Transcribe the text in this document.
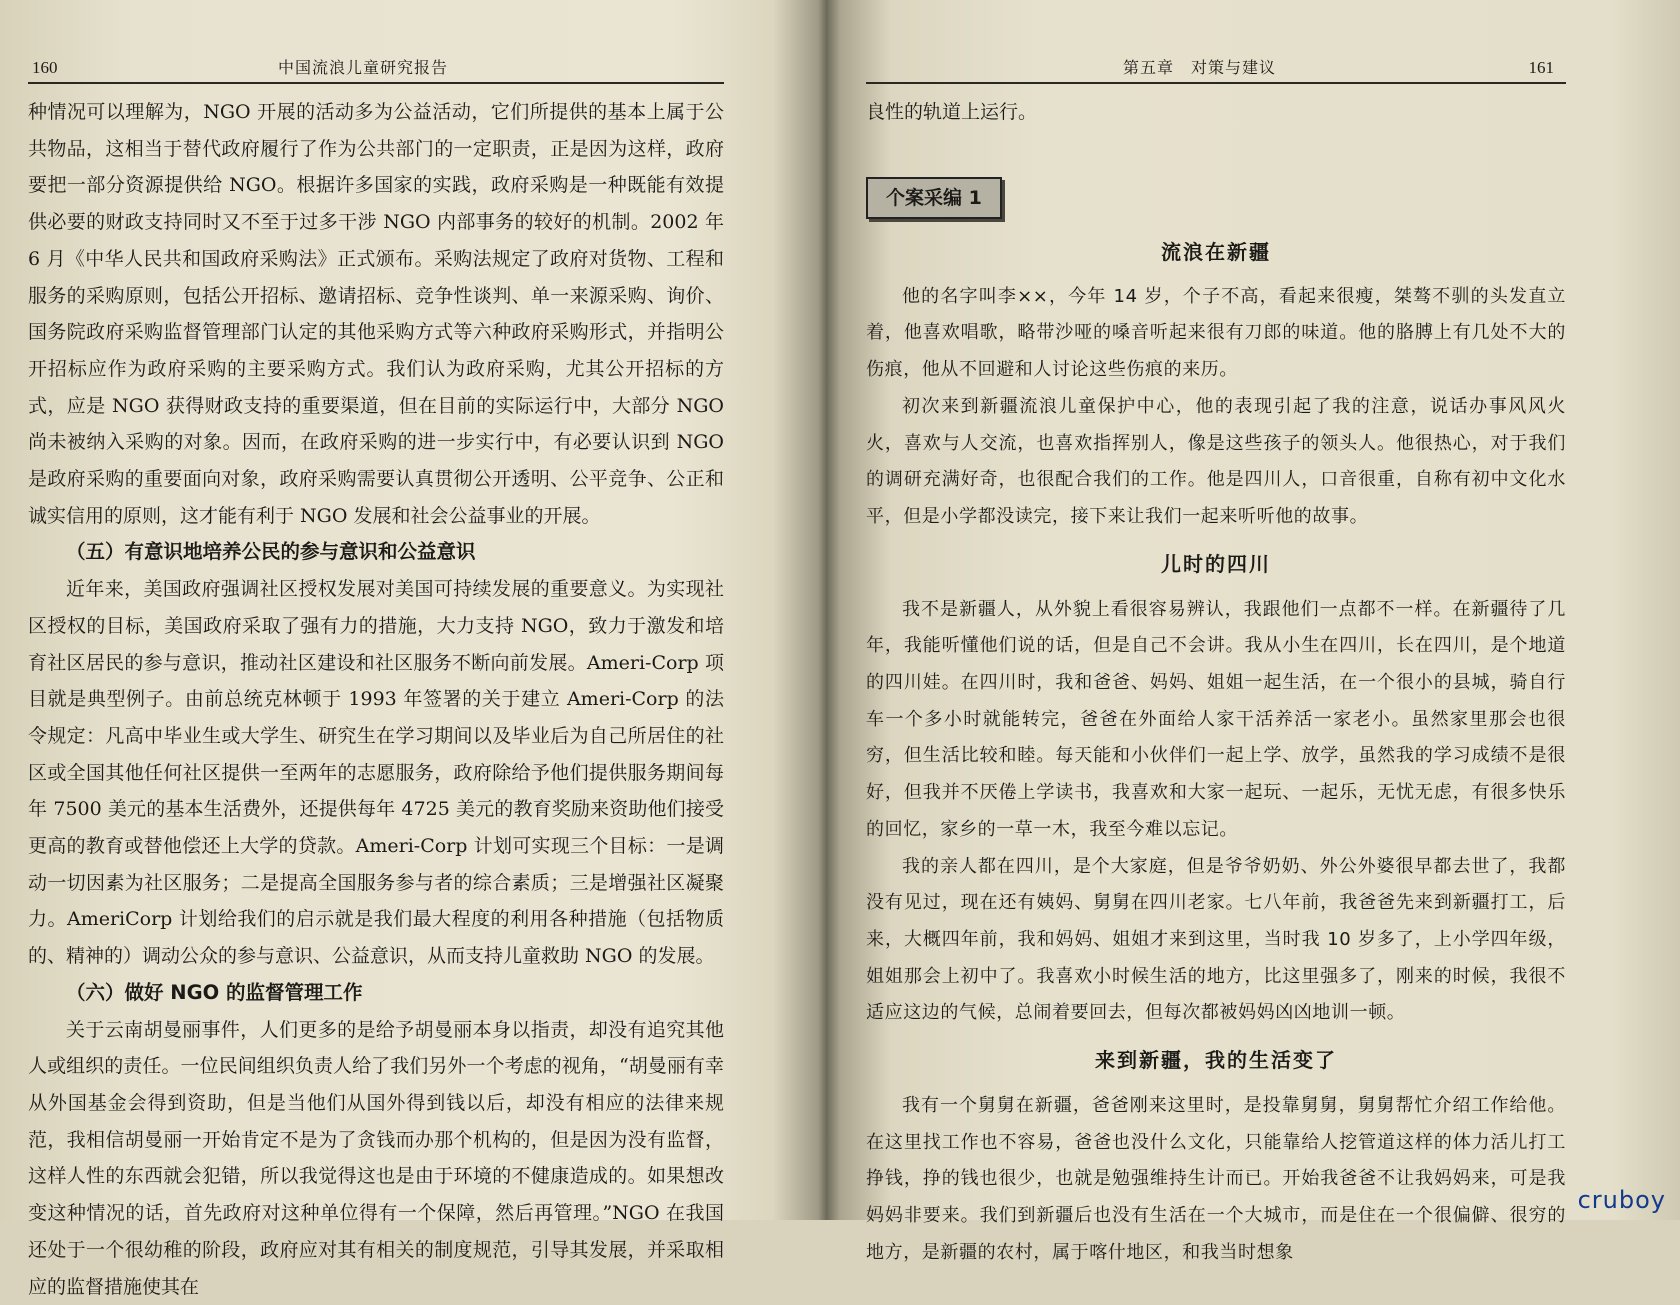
160	中国流浪儿童研究报告

种情况可以理解为，NGO 开展的活动多为公益活动，它们所提供的基本上属于公共物品，这相当于替代政府履行了作为公共部门的一定职责，正是因为这样，政府要把一部分资源提供给 NGO。根据许多国家的实践，政府采购是一种既能有效提供必要的财政支持同时又不至于过多干涉 NGO 内部事务的较好的机制。2002 年 6 月《中华人民共和国政府采购法》正式颁布。采购法规定了政府对货物、工程和服务的采购原则，包括公开招标、邀请招标、竞争性谈判、单一来源采购、询价、国务院政府采购监督管理部门认定的其他采购方式等六种政府采购形式，并指明公开招标应作为政府采购的主要采购方式。我们认为政府采购，尤其公开招标的方式，应是 NGO 获得财政支持的重要渠道，但在目前的实际运行中，大部分 NGO 尚未被纳入采购的对象。因而，在政府采购的进一步实行中，有必要认识到 NGO 是政府采购的重要面向对象，政府采购需要认真贯彻公开透明、公平竞争、公正和诚实信用的原则，这才能有利于 NGO 发展和社会公益事业的开展。

（五）有意识地培养公民的参与意识和公益意识

近年来，美国政府强调社区授权发展对美国可持续发展的重要意义。为实现社区授权的目标，美国政府采取了强有力的措施，大力支持 NGO，致力于激发和培育社区居民的参与意识，推动社区建设和社区服务不断向前发展。Ameri-Corp 项目就是典型例子。由前总统克林顿于 1993 年签署的关于建立 Ameri-Corp 的法令规定：凡高中毕业生或大学生、研究生在学习期间以及毕业后为自己所居住的社区或全国其他任何社区提供一至两年的志愿服务，政府除给予他们提供服务期间每年 7500 美元的基本生活费外，还提供每年 4725 美元的教育奖励来资助他们接受更高的教育或替他偿还上大学的贷款。Ameri-Corp 计划可实现三个目标：一是调动一切因素为社区服务；二是提高全国服务参与者的综合素质；三是增强社区凝聚力。AmeriCorp 计划给我们的启示就是我们最大程度的利用各种措施（包括物质的、精神的）调动公众的参与意识、公益意识，从而支持儿童救助 NGO 的发展。

（六）做好 NGO 的监督管理工作

关于云南胡曼丽事件，人们更多的是给予胡曼丽本身以指责，却没有追究其他人或组织的责任。一位民间组织负责人给了我们另外一个考虑的视角，“胡曼丽有幸从外国基金会得到资助，但是当他们从国外得到钱以后，却没有相应的法律来规范，我相信胡曼丽一开始肯定不是为了贪钱而办那个机构的，但是因为没有监督，这样人性的东西就会犯错，所以我觉得这也是由于环境的不健康造成的。如果想改变这种情况的话，首先政府对这种单位得有一个保障，然后再管理。”NGO 在我国还处于一个很幼稚的阶段，政府应对其有相关的制度规范，引导其发展，并采取相应的监督措施使其在

第五章　对策与建议	161

良性的轨道上运行。

个案采编 1
流浪在新疆

他的名字叫李××，今年 14 岁，个子不高，看起来很瘦，桀骜不驯的头发直立着，他喜欢唱歌，略带沙哑的嗓音听起来很有刀郎的味道。他的胳膊上有几处不大的伤痕，他从不回避和人讨论这些伤痕的来历。

初次来到新疆流浪儿童保护中心，他的表现引起了我的注意，说话办事风风火火，喜欢与人交流，也喜欢指挥别人，像是这些孩子的领头人。他很热心，对于我们的调研充满好奇，也很配合我们的工作。他是四川人，口音很重，自称有初中文化水平，但是小学都没读完，接下来让我们一起来听听他的故事。

儿时的四川

我不是新疆人，从外貌上看很容易辨认，我跟他们一点都不一样。在新疆待了几年，我能听懂他们说的话，但是自己不会讲。我从小生在四川，长在四川，是个地道的四川娃。在四川时，我和爸爸、妈妈、姐姐一起生活，在一个很小的县城，骑自行车一个多小时就能转完，爸爸在外面给人家干活养活一家老小。虽然家里那会也很穷，但生活比较和睦。每天能和小伙伴们一起上学、放学，虽然我的学习成绩不是很好，但我并不厌倦上学读书，我喜欢和大家一起玩、一起乐，无忧无虑，有很多快乐的回忆，家乡的一草一木，我至今难以忘记。

我的亲人都在四川，是个大家庭，但是爷爷奶奶、外公外婆很早都去世了，我都没有见过，现在还有姨妈、舅舅在四川老家。七八年前，我爸爸先来到新疆打工，后来，大概四年前，我和妈妈、姐姐才来到这里，当时我 10 岁多了，上小学四年级，姐姐那会上初中了。我喜欢小时候生活的地方，比这里强多了，刚来的时候，我很不适应这边的气候，总闹着要回去，但每次都被妈妈凶凶地训一顿。

来到新疆，我的生活变了

我有一个舅舅在新疆，爸爸刚来这里时，是投靠舅舅，舅舅帮忙介绍工作给他。在这里找工作也不容易，爸爸也没什么文化，只能靠给人挖管道这样的体力活儿打工挣钱，挣的钱也很少，也就是勉强维持生计而已。开始我爸爸不让我妈妈来，可是我妈妈非要来。我们到新疆后也没有生活在一个大城市，而是住在一个很偏僻、很穷的地方，是新疆的农村，属于喀什地区，和我当时想象

cruboy
